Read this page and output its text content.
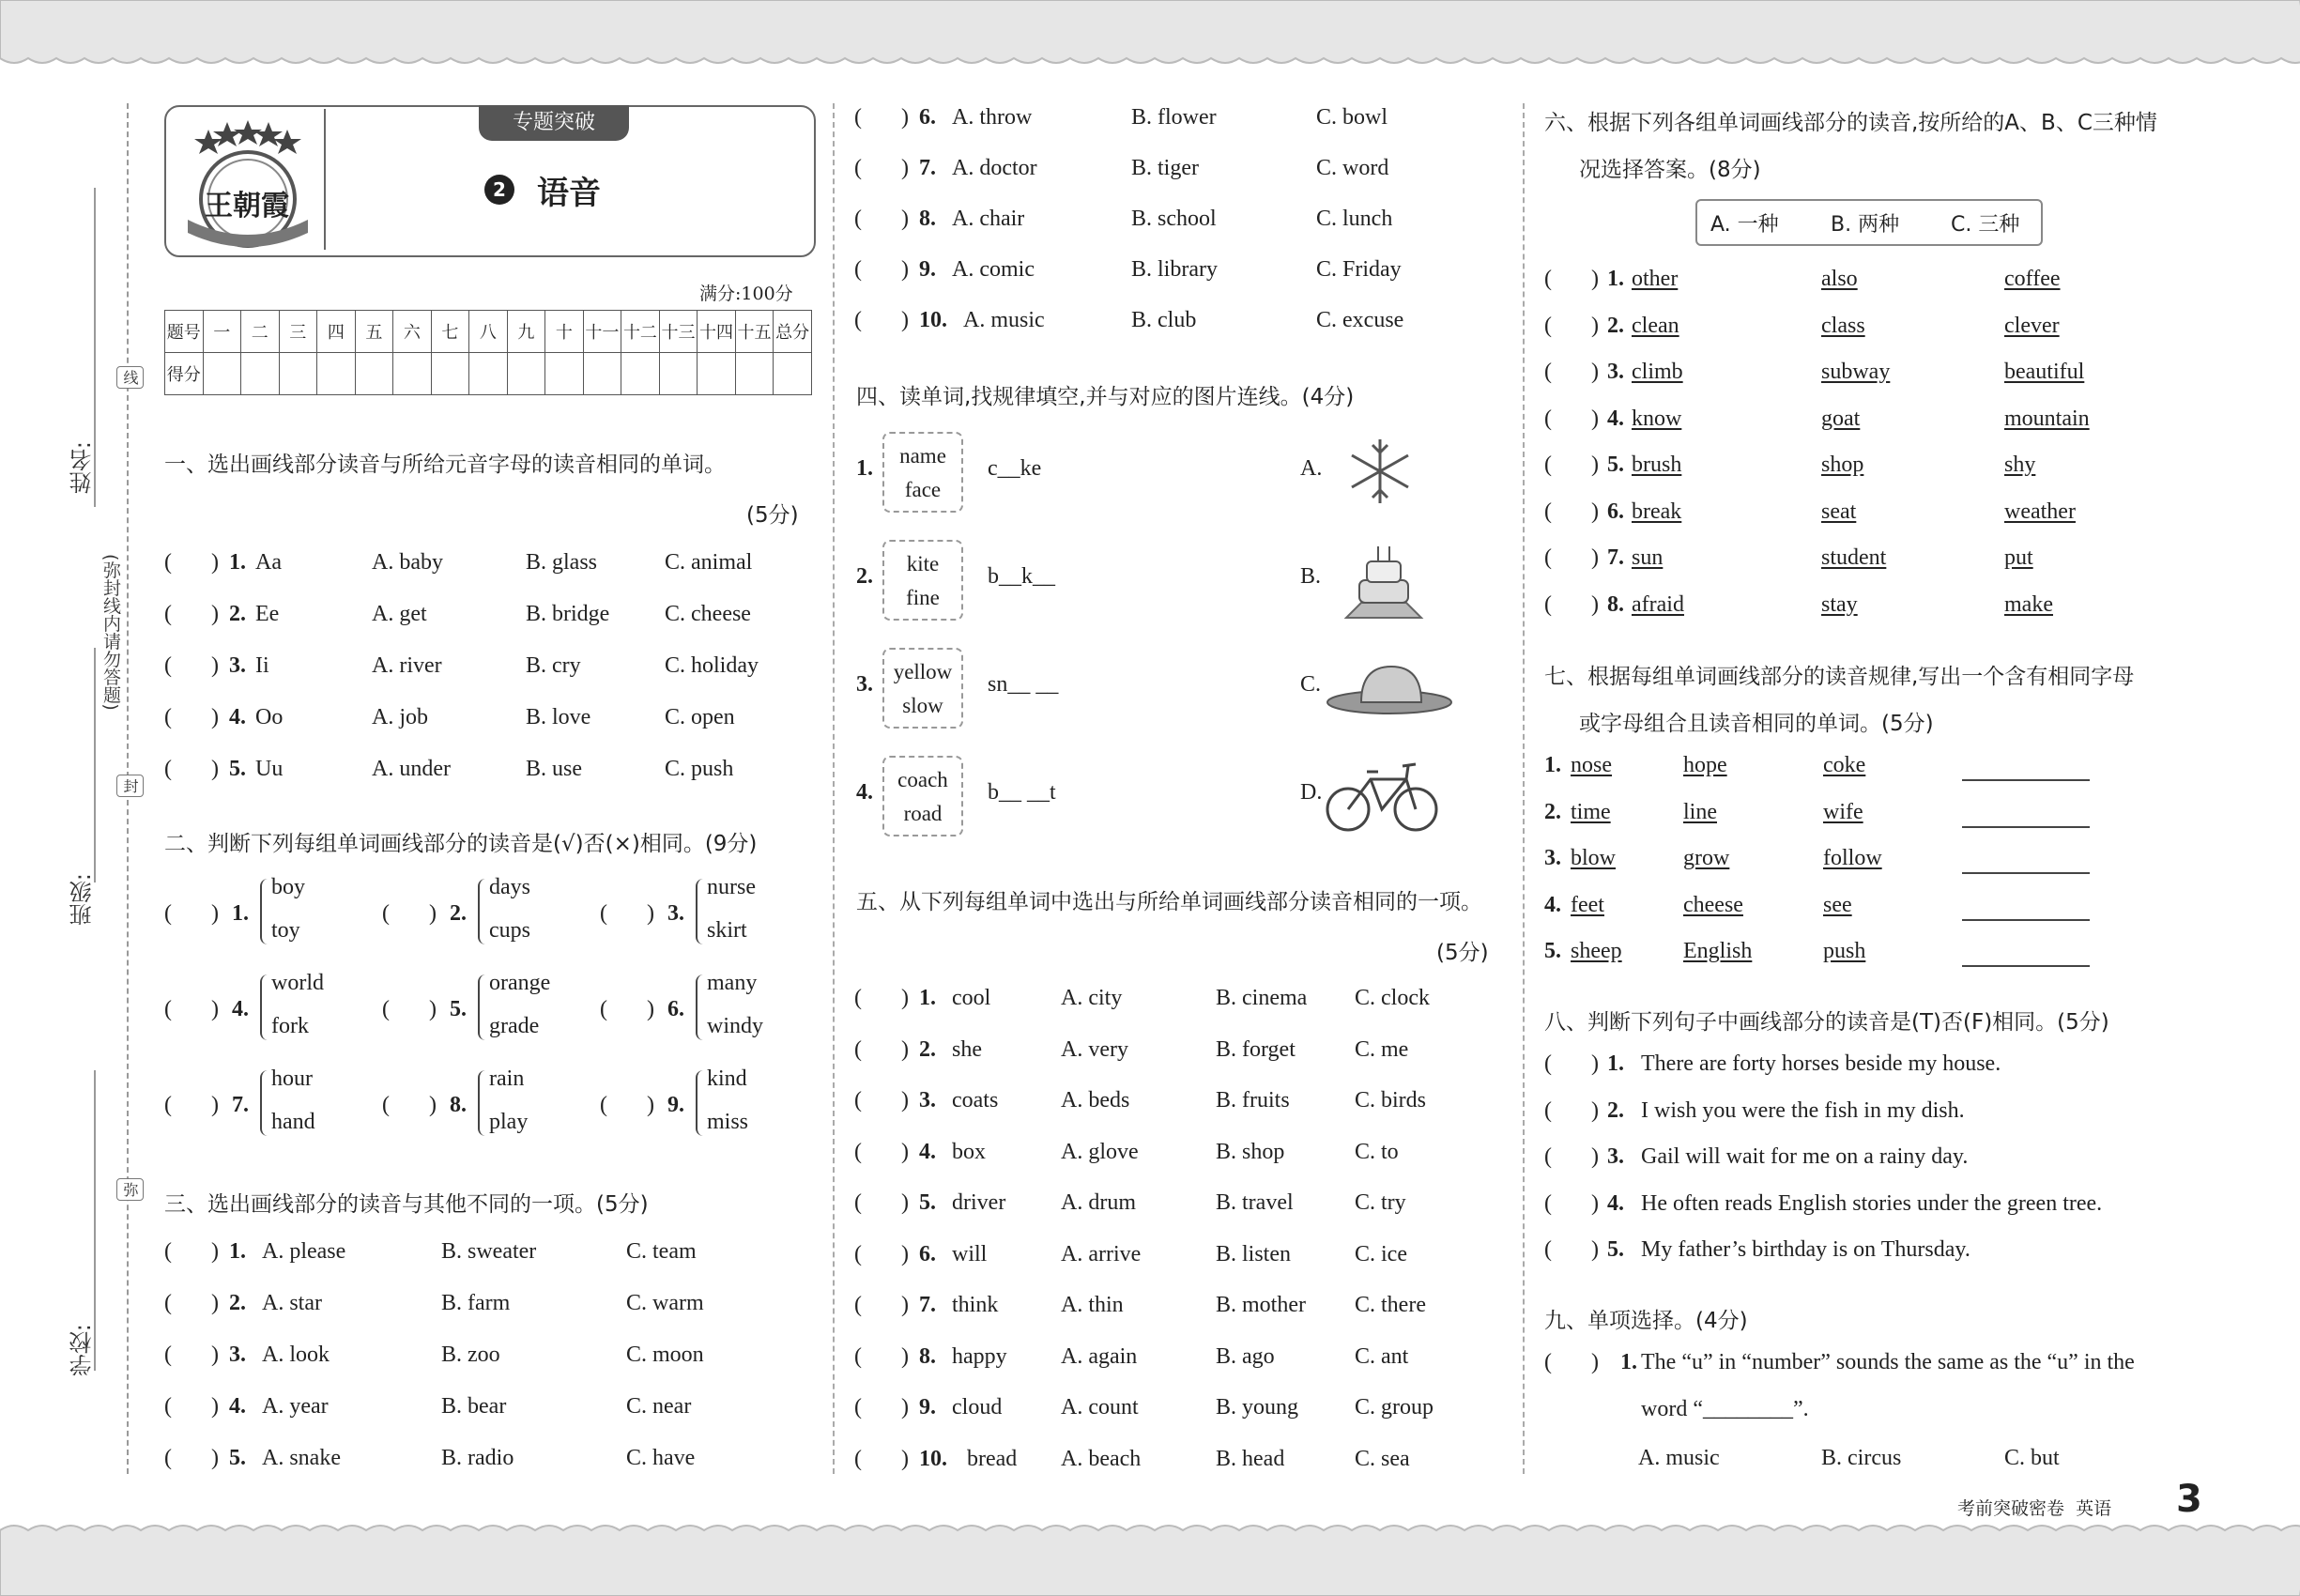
姓名:
班级:
学校:
(弥封线内请勿答题)
线
封
弥
王朝霞
专题突破
2 语音
满分:100分
题号	一	二	三	四	五	六	七	八	九	十	十一	十二	十三	十四	十五	总分
得分																
一、选出画线部分读音与所给元音字母的读音相同的单词。
(5分)
(       ) 1. Aa	A. baby	B. glass	C. animal
(       ) 2. Ee	A. get	B. bridge C. cheese
(       ) 3. Ii	A. river	B. cry	C. holiday
(       ) 4. Oo	A. job	B. love	C. open
(       ) 5. Uu	A. under	B. use	C. push
二、判断下列每组单词画线部分的读音是(√)否(×)相同。(9分)
(       ) 1.
boy
toy
(       ) 2.
days
cups
(       ) 3.
nurse
skirt
(       ) 4.
world
fork
(       ) 5.
orange
grade
(       ) 6.
many
windy
(       ) 7.
hour
hand
(       ) 8.
rain
play
(       ) 9.
kind
miss
三、选出画线部分的读音与其他不同的一项。(5分)
(       ) 1. A. please	B. sweater	C. team
(       ) 2. A. star	B. farm	C. warm
(       ) 3. A. look	B. zoo	C. moon
(       ) 4. A. year	B. bear	C. near
(       ) 5. A. snake	B. radio	C. have
(       ) 6. A. throw	B. flower	C. bowl
(       ) 7. A. doctor	B. tiger	C. word
(       ) 8. A. chair	B. school	C. lunch
(       ) 9. A. comic	B. library	C. Friday
(       ) 10. A. music	B. club	C. excuse
四、读单词,找规律填空,并与对应的图片连线。(4分)
1.
name
face
c__ke	A.
2.
kite
fine
b__k__	B.
3.
yellow
slow
sn__ __	C.
4.
coach
road
b__ __t	D.
五、从下列每组单词中选出与所给单词画线部分读音相同的一项。
(5分)
(       ) 1. cool	A. city	B. cinema C. clock
(       ) 2. she	A. very	B. forget	C. me
(       ) 3. coats	A. beds	B. fruits	C. birds
(       ) 4. box	A. glove	B. shop	C. to
(       ) 5. driver A. drum	B. travel	C. try
(       ) 6. will	A. arrive	B. listen	C. ice
(       ) 7. think	A. thin	B. mother C. there
(       ) 8. happy A. again	B. ago	C. ant
(       ) 9. cloud	A. count	B. young C. group
(       ) 10. bread A. beach	B. head	C. sea
六、根据下列各组单词画线部分的读音,按所给的A、B、C三种情
况选择答案。(8分)
A. 一种	B. 两种 C. 三种
(       ) 1. other	also	coffee
(       ) 2. clean	class	clever
(       ) 3. climb	subway	beautiful
(       ) 4. know	goat	mountain
(       ) 5. brush	shop	shy
(       ) 6. break	seat	weather
(       ) 7. sun	student	put
(       ) 8. afraid	stay	make
七、根据每组单词画线部分的读音规律,写出一个含有相同字母
或字母组合且读音相同的单词。(5分)
1. nose	hope	coke
2. time	line	wife
3. blow	grow	follow
4. feet	cheese	see
5. sheep	English	push
八、判断下列句子中画线部分的读音是(T)否(F)相同。(5分)
(       ) 1. There are forty horses beside my house.
(       ) 2. I wish you were the fish in my dish.
(       ) 3. Gail will wait for me on a rainy day.
(       ) 4. He often reads English stories under the green tree.
(       ) 5. My father’s birthday is on Thursday.
九、单项选择。(4分)
(       ) 1. The “u” in “number” sounds the same as the “u” in the
word “________”.
A. music	B. circus	C. but
考前突破密卷  英语 3
